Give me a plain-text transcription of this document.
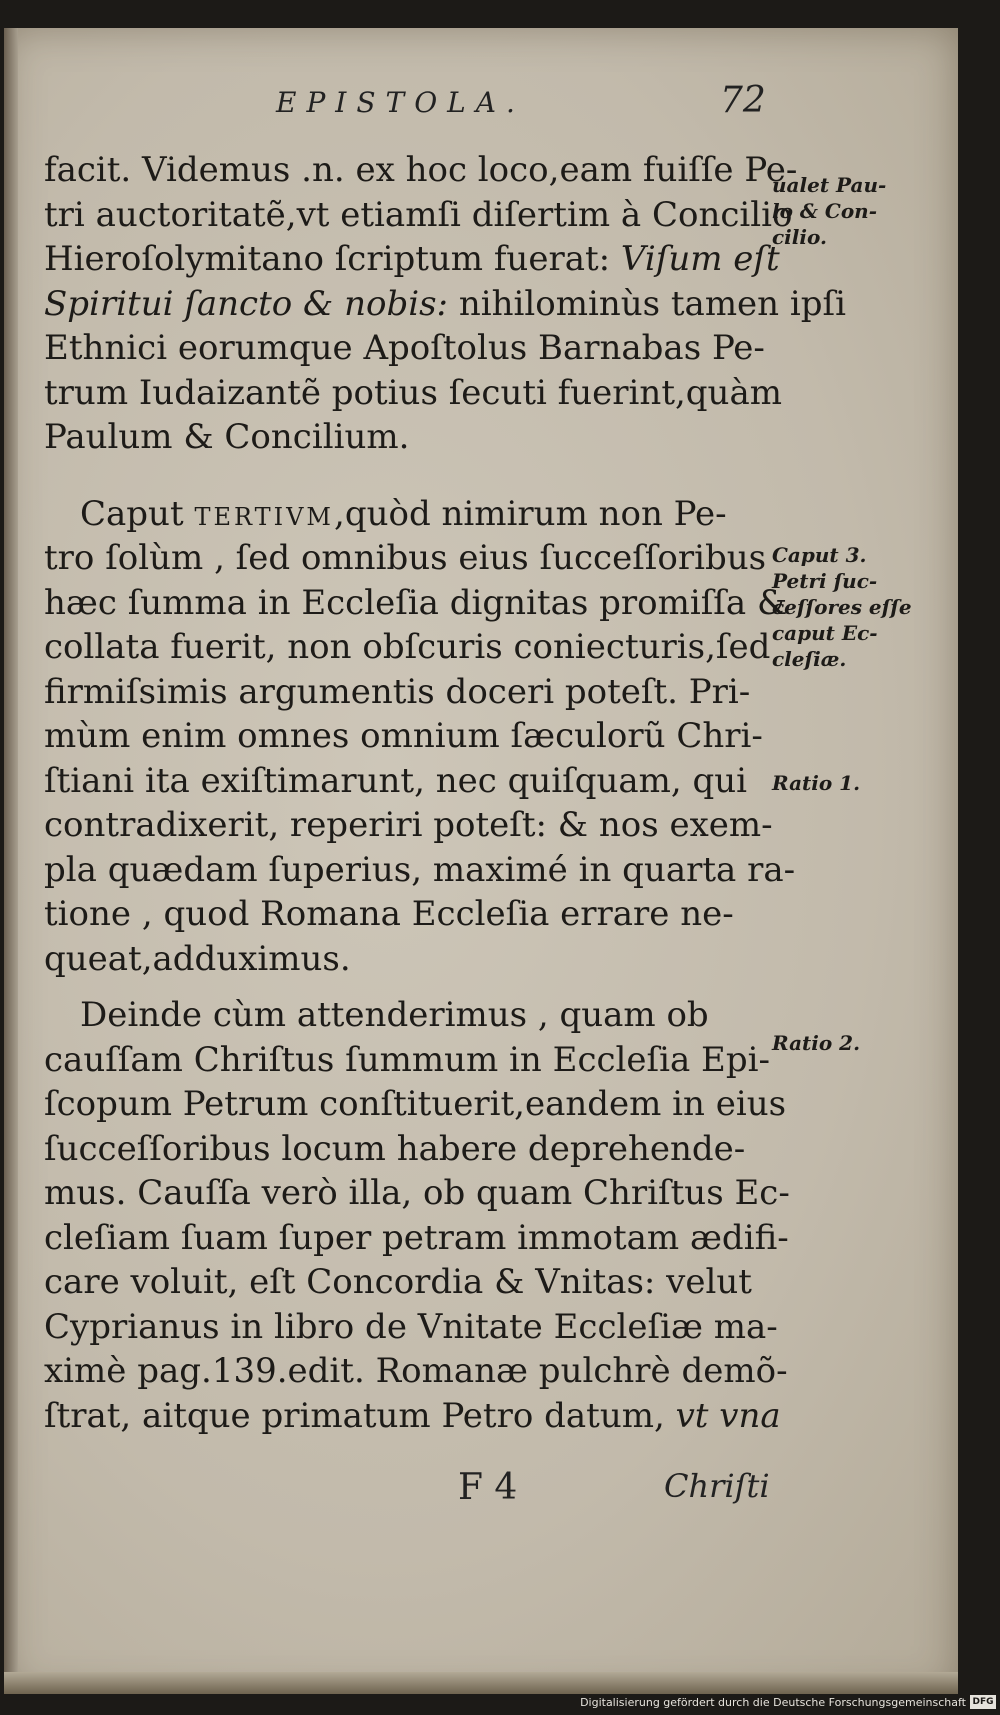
EPISTOLA.	72
facit. Videmus .n. ex hoc loco,eam fuiſſe Pe-
tri auctoritatẽ,vt etiamſi diſertim à Concilio
Hieroſolymitano ſcriptum fuerat: Viſum eſt
Spiritui ſancto & nobis: nihilominùs tamen ipſi
Ethnici eorumque Apoſtolus Barnabas Pe-
trum Iudaizantẽ potius ſecuti fuerint,quàm
Paulum & Concilium.
Caput TERTIVM,quòd nimirum non Pe-
tro ſolùm , ſed omnibus eius ſucceſſoribus
hæc ſumma in Eccleſia dignitas promiſſa &
collata fuerit, non obſcuris coniecturis,ſed
firmiſsimis argumentis doceri poteſt. Pri-
mùm enim omnes omnium ſæculorũ Chri-
ſtiani ita exiſtimarunt, nec quiſquam, qui
contradixerit, reperiri poteſt: & nos exem-
pla quædam ſuperius, maximé in quarta ra-
tione , quod Romana Eccleſia errare ne-
queat,adduximus.
Deinde cùm attenderimus , quam ob
cauſſam Chriſtus ſummum in Eccleſia Epi-
ſcopum Petrum conſtituerit,eandem in eius
ſucceſſoribus locum habere deprehende-
mus. Cauſſa verò illa, ob quam Chriſtus Ec-
cleſiam ſuam ſuper petram immotam ædifi-
care voluit, eſt Concordia & Vnitas: velut
Cyprianus in libro de Vnitate Eccleſiæ ma-
ximè pag.139.edit. Romanæ pulchrè demõ-
ſtrat, aitque primatum Petro datum, vt vna
ualet Pau-
lo & Con-
cilio.
Caput 3.
Petri ſuc-
ceſſores eſſe
caput Ec-
cleſiæ.
Ratio 1.
Ratio 2.
F 4	Chriſti
Digitalisierung gefördert durch die Deutsche Forschungsgemeinschaft DFG
